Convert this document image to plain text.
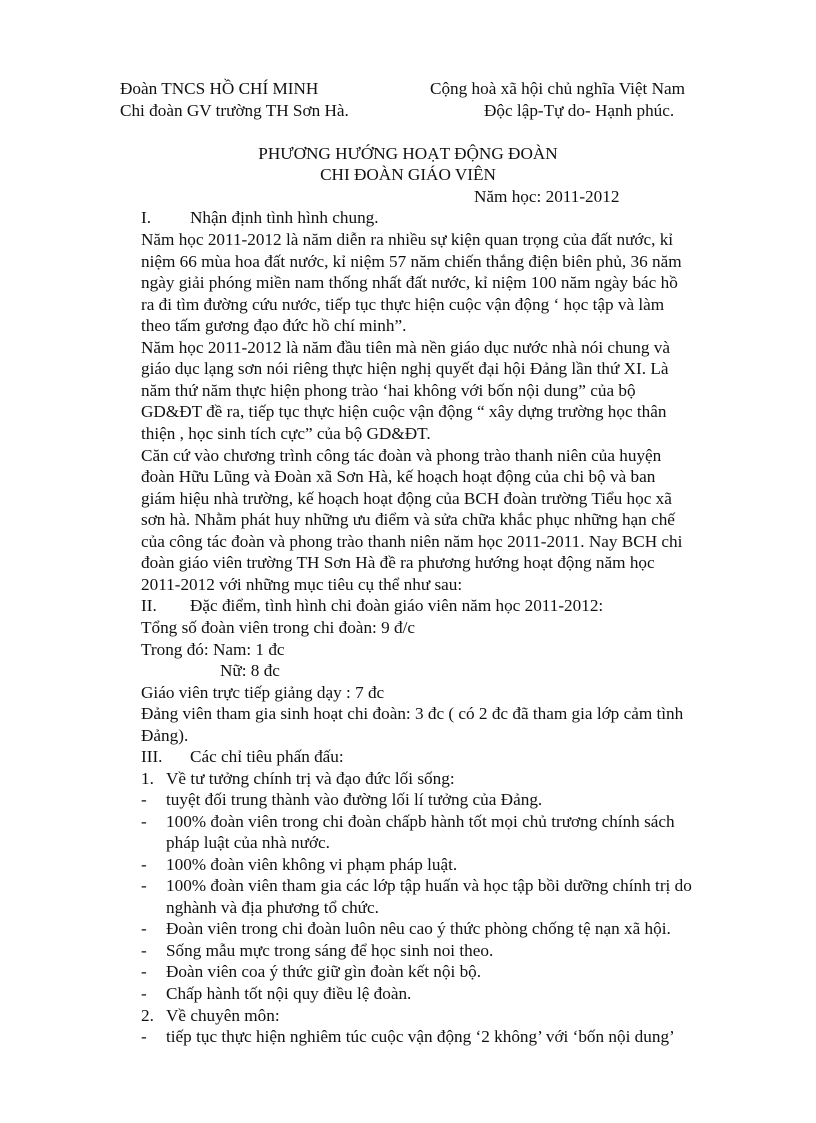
Đoàn TNCS HỒ CHÍ MINH
Chi đoàn GV trường TH Sơn Hà.
Cộng hoà xã hội chủ nghĩa Việt Nam
Độc lập-Tự do- Hạnh phúc.
PHƯƠNG HƯỚNG HOẠT ĐỘNG ĐOÀN
CHI ĐOÀN GIÁO VIÊN
Năm học: 2011-2012
I. Nhận định tình hình chung.
Năm học 2011-2012 là năm diễn ra nhiều sự kiện quan trọng của đất nước, kỉ
niệm 66 mùa hoa đất nước, kỉ niệm 57 năm chiến thắng điện biên phủ, 36 năm
ngày giải phóng miền nam thống nhất đất nước, kỉ niệm 100 năm ngày bác hồ
ra đi tìm đường cứu nước, tiếp tục thực hiện cuộc vận động ‘ học tập và làm
theo tấm gương đạo đức hồ chí minh”.
Năm học 2011-2012 là năm đầu tiên mà nền giáo dục nước nhà nói chung và
giáo dục lạng sơn nói riêng thực hiện nghị quyết đại hội Đảng lần thứ XI. Là
năm thứ năm thực hiện phong trào ‘hai không với bốn nội dung” của bộ
GD&ĐT đề ra, tiếp tục thực hiện cuộc vận động “ xây dựng trường học thân
thiện , học sinh tích cực” của bộ GD&ĐT.
Căn cứ vào chương trình công tác đoàn và phong trào thanh niên của huyện
đoàn Hữu Lũng và Đoàn xã Sơn Hà, kế hoạch hoạt động của chi bộ và ban
giám hiệu nhà trường, kế hoạch hoạt động của BCH đoàn trường Tiểu học xã
sơn hà. Nhằm phát huy những ưu điểm và sửa chữa khắc phục những hạn chế
của công tác đoàn và phong trào thanh niên năm học 2011-2011. Nay BCH chi
đoàn giáo viên trường TH Sơn Hà đề ra phương hướng hoạt động năm học
2011-2012 với những mục tiêu cụ thể như sau:
II. Đặc điểm, tình hình chi đoàn giáo viên năm học 2011-2012:
Tổng số đoàn viên trong chi đoàn: 9 đ/c
Trong đó: Nam: 1 đc
Nữ: 8 đc
Giáo viên trực tiếp giảng dạy : 7 đc
Đảng viên tham gia sinh hoạt chi đoàn: 3 đc ( có 2 đc đã tham gia lớp cảm tình
Đảng).
III. Các chỉ tiêu phấn đấu:
1. Về tư tưởng chính trị và đạo đức lối sống:
- tuyệt đối trung thành vào đường lối lí tưởng của Đảng.
- 100% đoàn viên trong chi đoàn chấpb hành tốt mọi chủ trương chính sách
pháp luật của nhà nước.
- 100% đoàn viên không vi phạm pháp luật.
- 100% đoàn viên tham gia các lớp tập huấn và học tập bồi dưỡng chính trị do
nghành và địa phương tổ chức.
- Đoàn viên trong chi đoàn luôn nêu cao ý thức phòng chống tệ nạn xã hội.
- Sống mẫu mực trong sáng để học sinh noi theo.
- Đoàn viên coa ý thức giữ gìn đoàn kết nội bộ.
- Chấp hành tốt nội quy điều lệ đoàn.
2. Về chuyên môn:
- tiếp tục thực hiện nghiêm túc cuộc vận động ‘2 không’ với ‘bốn nội dung’
